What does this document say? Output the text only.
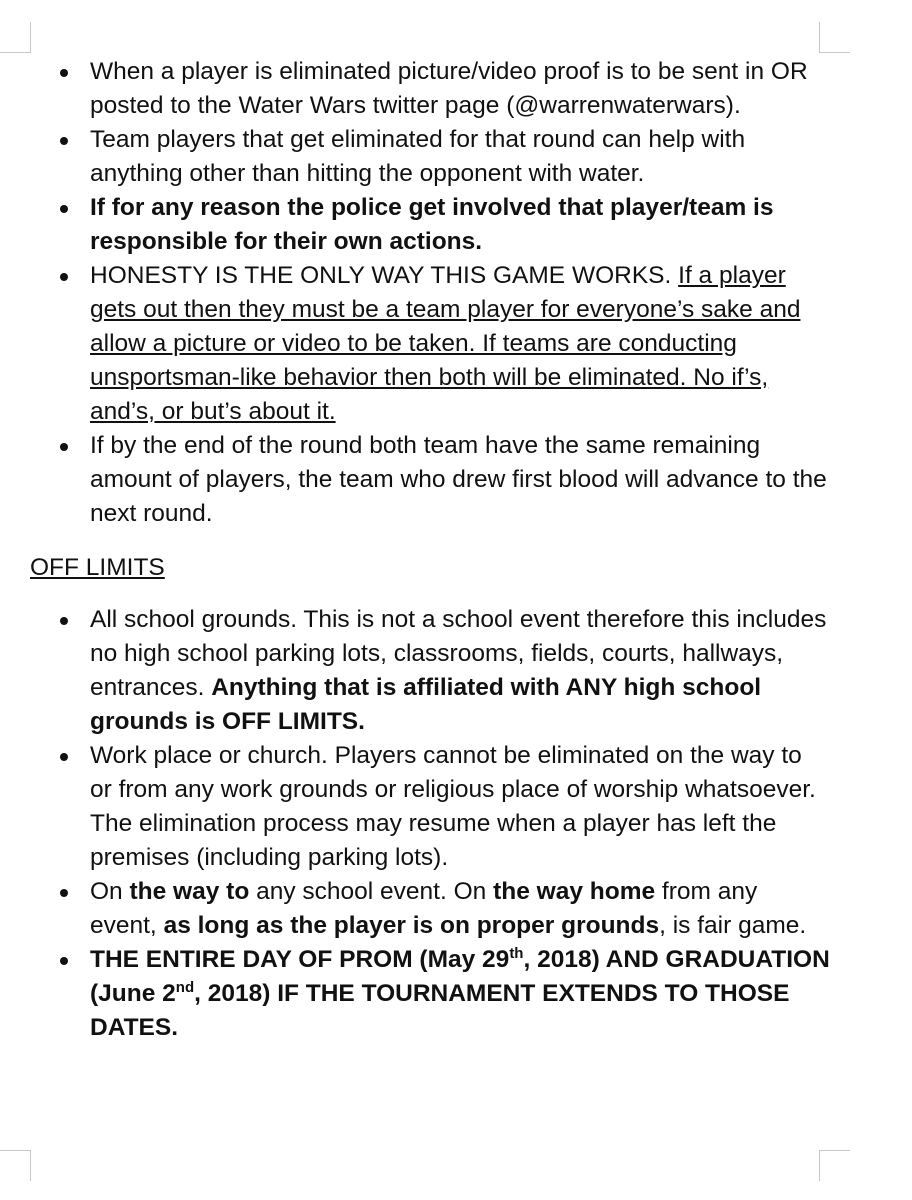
When a player is eliminated picture/video proof is to be sent in OR posted to the Water Wars twitter page (@warrenwaterwars).
Team players that get eliminated for that round can help with anything other than hitting the opponent with water.
If for any reason the police get involved that player/team is responsible for their own actions.
HONESTY IS THE ONLY WAY THIS GAME WORKS. If a player gets out then they must be a team player for everyone’s sake and allow a picture or video to be taken. If teams are conducting unsportsman-like behavior then both will be eliminated. No if’s, and’s, or but’s about it.
If by the end of the round both team have the same remaining amount of players, the team who drew first blood will advance to the next round.
OFF LIMITS
All school grounds. This is not a school event therefore this includes no high school parking lots, classrooms, fields, courts, hallways, entrances. Anything that is affiliated with ANY high school grounds is OFF LIMITS.
Work place or church. Players cannot be eliminated on the way to or from any work grounds or religious place of worship whatsoever. The elimination process may resume when a player has left the premises (including parking lots).
On the way to any school event. On the way home from any event, as long as the player is on proper grounds, is fair game.
THE ENTIRE DAY OF PROM (May 29th, 2018) AND GRADUATION (June 2nd, 2018) IF THE TOURNAMENT EXTENDS TO THOSE DATES.
